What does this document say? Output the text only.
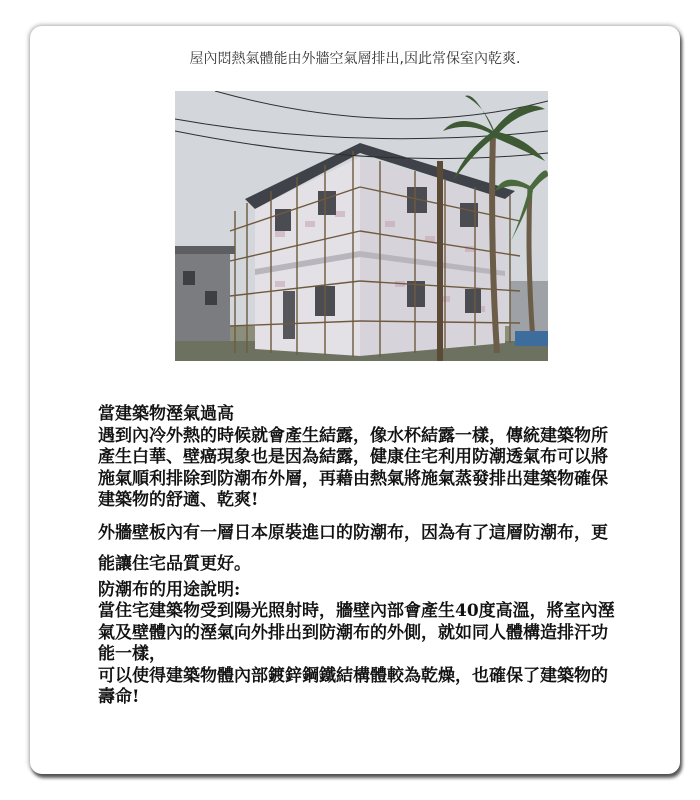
屋內悶熱氣體能由外牆空氣層排出,因此常保室內乾爽.

當建築物溼氣過高
遇到內冷外熱的時候就會產生結露，像水杯結露一樣，傳統建築物所產生白華、壁癌現象也是因為結露，健康住宅利用防潮透氣布可以將施氣順利排除到防潮布外層，再藉由熱氣將施氣蒸發排出建築物確保建築物的舒適、乾爽!

外牆壁板內有一層日本原裝進口的防潮布，因為有了這層防潮布，更能讓住宅品質更好。

防潮布的用途說明:
當住宅建築物受到陽光照射時，牆壁內部會產生40度高溫，將室內溼氣及壁體內的溼氣向外排出到防潮布的外側，就如同人體構造排汗功能一樣，
可以使得建築物體內部鍍鋅鋼鐵結構體較為乾燥，也確保了建築物的壽命!
